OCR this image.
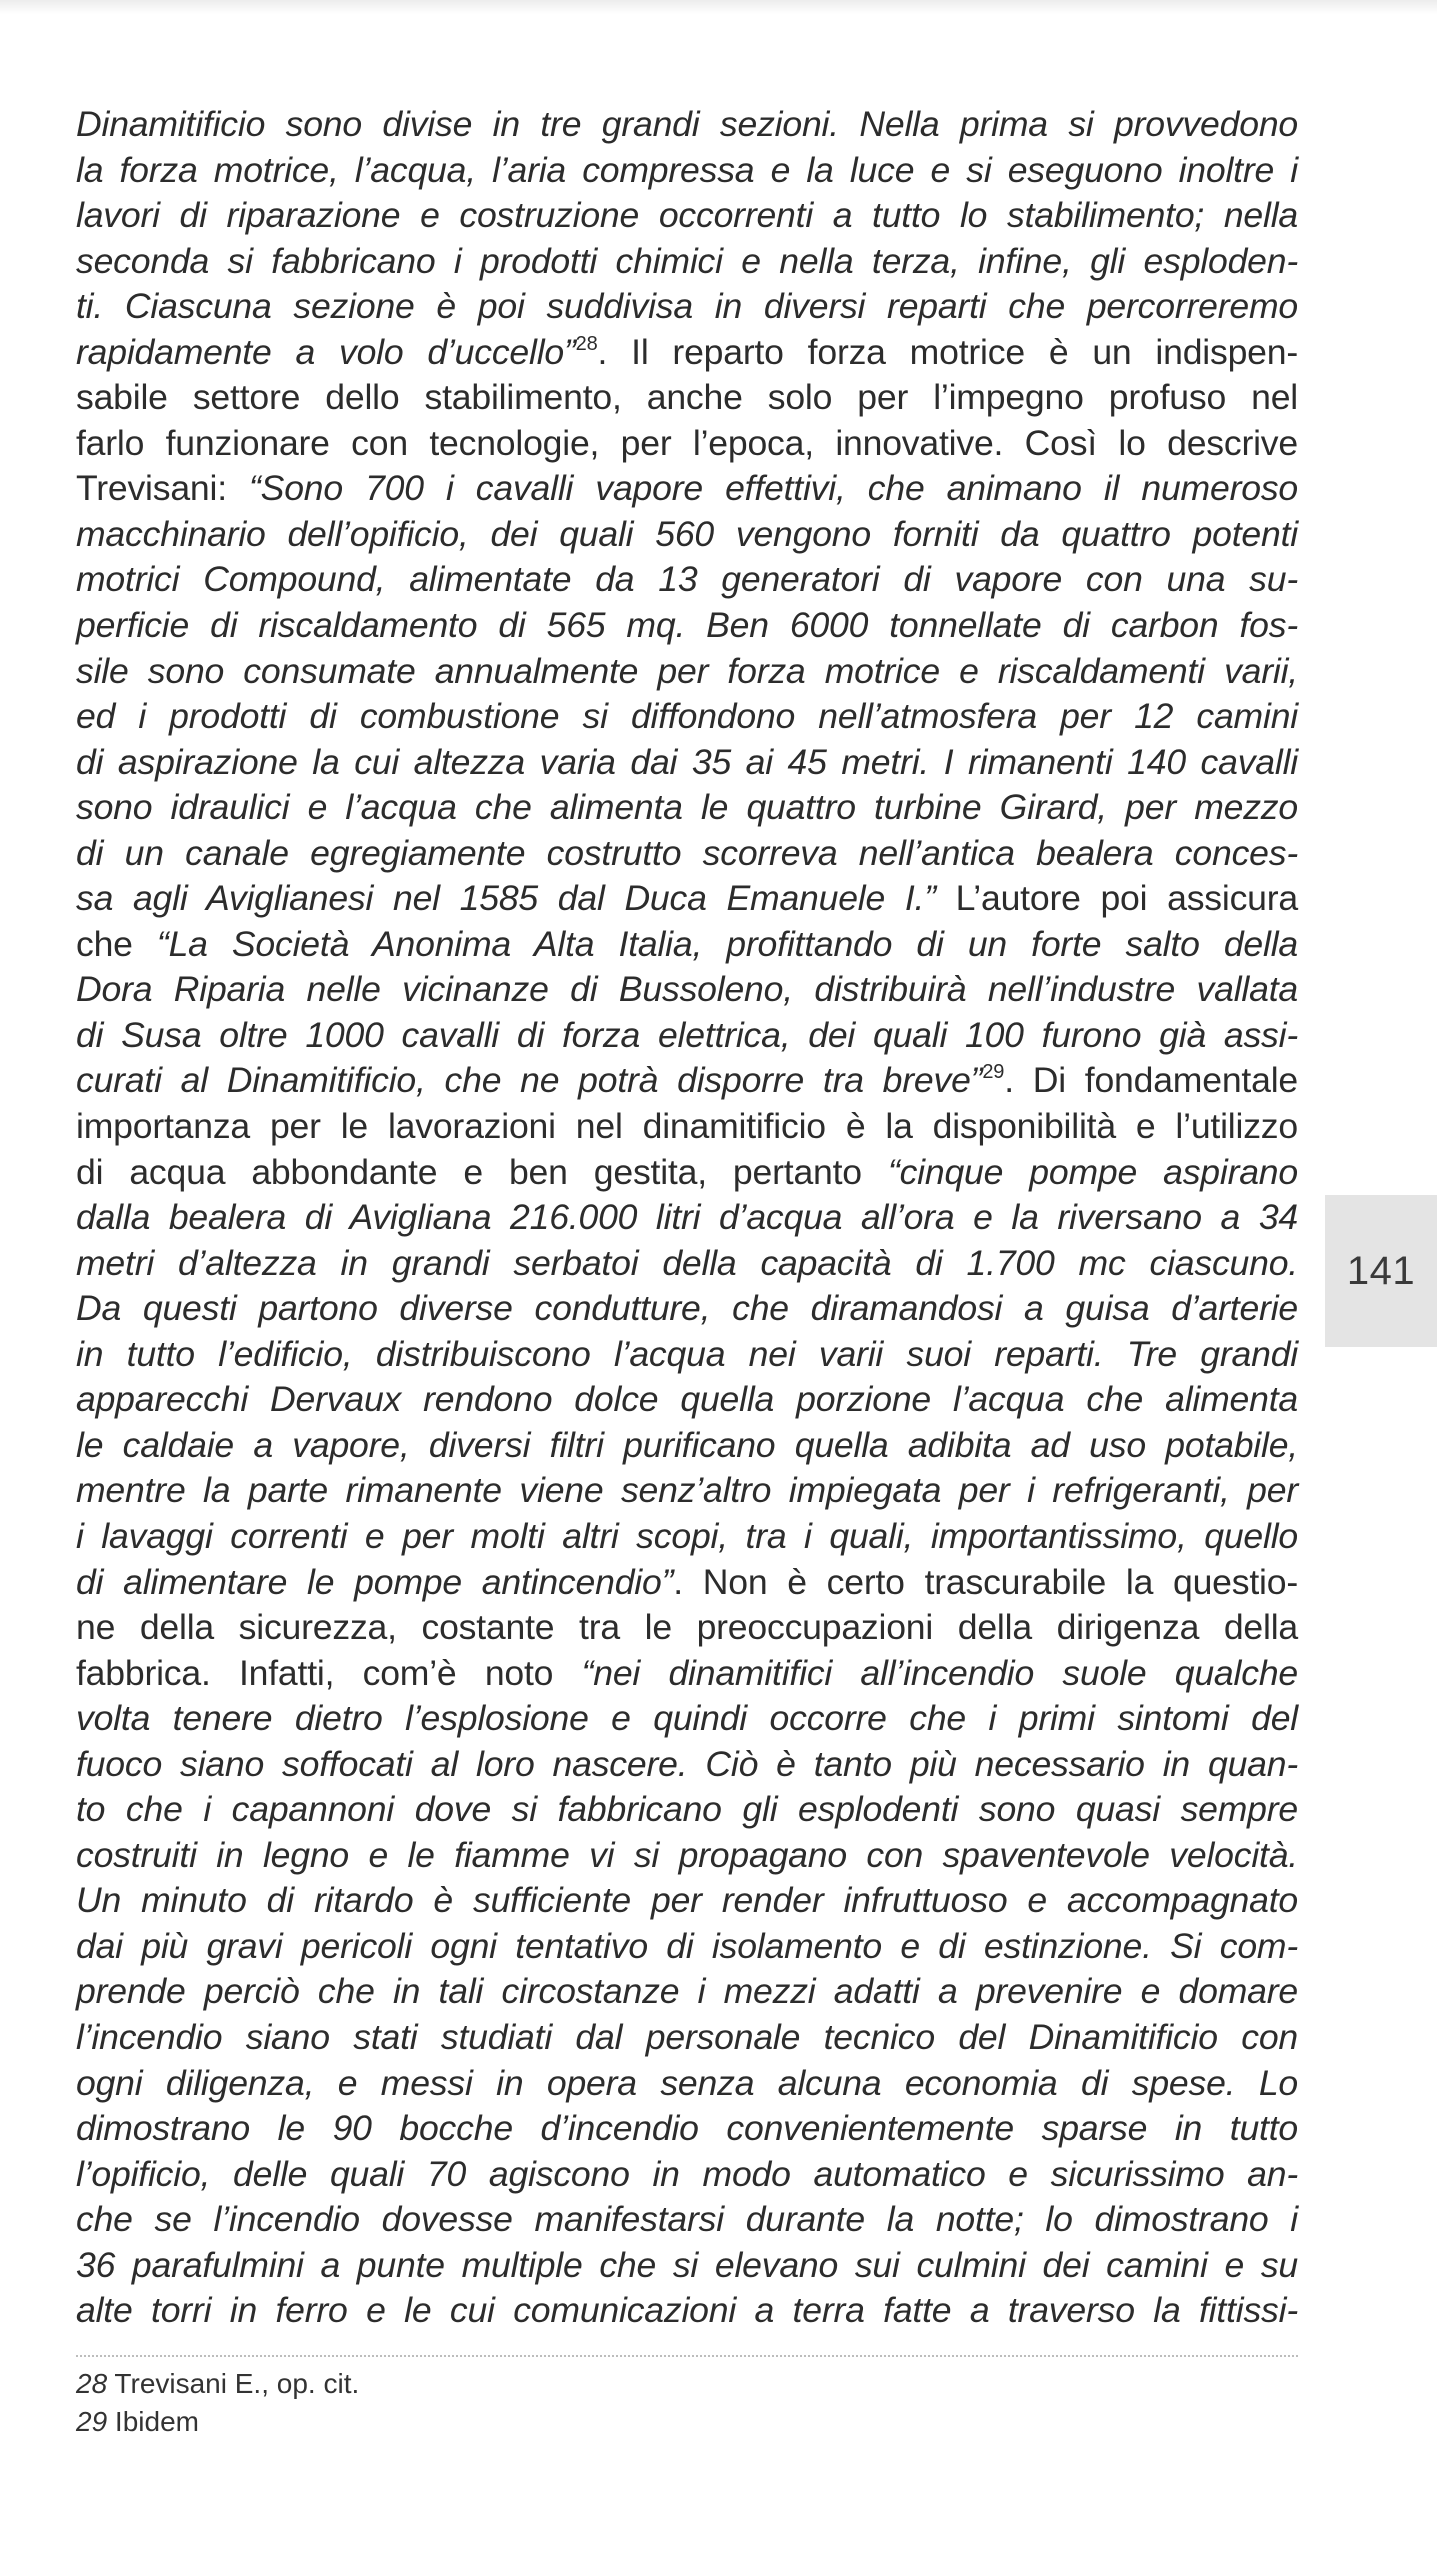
Dinamitificio sono divise in tre grandi sezioni. Nella prima si provvedono
la forza motrice, l’acqua, l’aria compressa e la luce e si eseguono inoltre i
lavori di riparazione e costruzione occorrenti a tutto lo stabilimento; nella
seconda si fabbricano i prodotti chimici e nella terza, infine, gli esploden-
ti. Ciascuna sezione è poi suddivisa in diversi reparti che percorreremo
rapidamente a volo d’uccello”$^{28}$. Il reparto forza motrice è un indispen-
sabile settore dello stabilimento, anche solo per l’impegno profuso nel
farlo funzionare con tecnologie, per l’epoca, innovative. Così lo descrive
Trevisani: “Sono 700 i cavalli vapore effettivi, che animano il numeroso
macchinario dell’opificio, dei quali 560 vengono forniti da quattro potenti
motrici Compound, alimentate da 13 generatori di vapore con una su-
perficie di riscaldamento di 565 mq. Ben 6000 tonnellate di carbon fos-
sile sono consumate annualmente per forza motrice e riscaldamenti varii,
ed i prodotti di combustione si diffondono nell’atmosfera per 12 camini
di aspirazione la cui altezza varia dai 35 ai 45 metri. I rimanenti 140 cavalli
sono idraulici e l’acqua che alimenta le quattro turbine Girard, per mezzo
di un canale egregiamente costrutto scorreva nell’antica bealera conces-
sa agli Aviglianesi nel 1585 dal Duca Emanuele I.” L’autore poi assicura
che “La Società Anonima Alta Italia, profittando di un forte salto della
Dora Riparia nelle vicinanze di Bussoleno, distribuirà nell’industre vallata
di Susa oltre 1000 cavalli di forza elettrica, dei quali 100 furono già assi-
curati al Dinamitificio, che ne potrà disporre tra breve”$^{29}$. Di fondamentale
importanza per le lavorazioni nel dinamitificio è la disponibilità e l’utilizzo
di acqua abbondante e ben gestita, pertanto “cinque pompe aspirano
dalla bealera di Avigliana 216.000 litri d’acqua all’ora e la riversano a 34
metri d’altezza in grandi serbatoi della capacità di 1.700 mc ciascuno.
Da questi partono diverse condutture, che diramandosi a guisa d’arterie
in tutto l’edificio, distribuiscono l’acqua nei varii suoi reparti. Tre grandi
apparecchi Dervaux rendono dolce quella porzione l’acqua che alimenta
le caldaie a vapore, diversi filtri purificano quella adibita ad uso potabile,
mentre la parte rimanente viene senz’altro impiegata per i refrigeranti, per
i lavaggi correnti e per molti altri scopi, tra i quali, importantissimo, quello
di alimentare le pompe antincendio”. Non è certo trascurabile la questio-
ne della sicurezza, costante tra le preoccupazioni della dirigenza della
fabbrica. Infatti, com’è noto “nei dinamitifici all’incendio suole qualche
volta tenere dietro l’esplosione e quindi occorre che i primi sintomi del
fuoco siano soffocati al loro nascere. Ciò è tanto più necessario in quan-
to che i capannoni dove si fabbricano gli esplodenti sono quasi sempre
costruiti in legno e le fiamme vi si propagano con spaventevole velocità.
Un minuto di ritardo è sufficiente per render infruttuoso e accompagnato
dai più gravi pericoli ogni tentativo di isolamento e di estinzione. Si com-
prende perciò che in tali circostanze i mezzi adatti a prevenire e domare
l’incendio siano stati studiati dal personale tecnico del Dinamitificio con
ogni diligenza, e messi in opera senza alcuna economia di spese. Lo
dimostrano le 90 bocche d’incendio convenientemente sparse in tutto
l’opificio, delle quali 70 agiscono in modo automatico e sicurissimo an-
che se l’incendio dovesse manifestarsi durante la notte; lo dimostrano i
36 parafulmini a punte multiple che si elevano sui culmini dei camini e su
alte torri in ferro e le cui comunicazioni a terra fatte a traverso la fittissi-
141
28 Trevisani E., op. cit.
29 Ibidem
